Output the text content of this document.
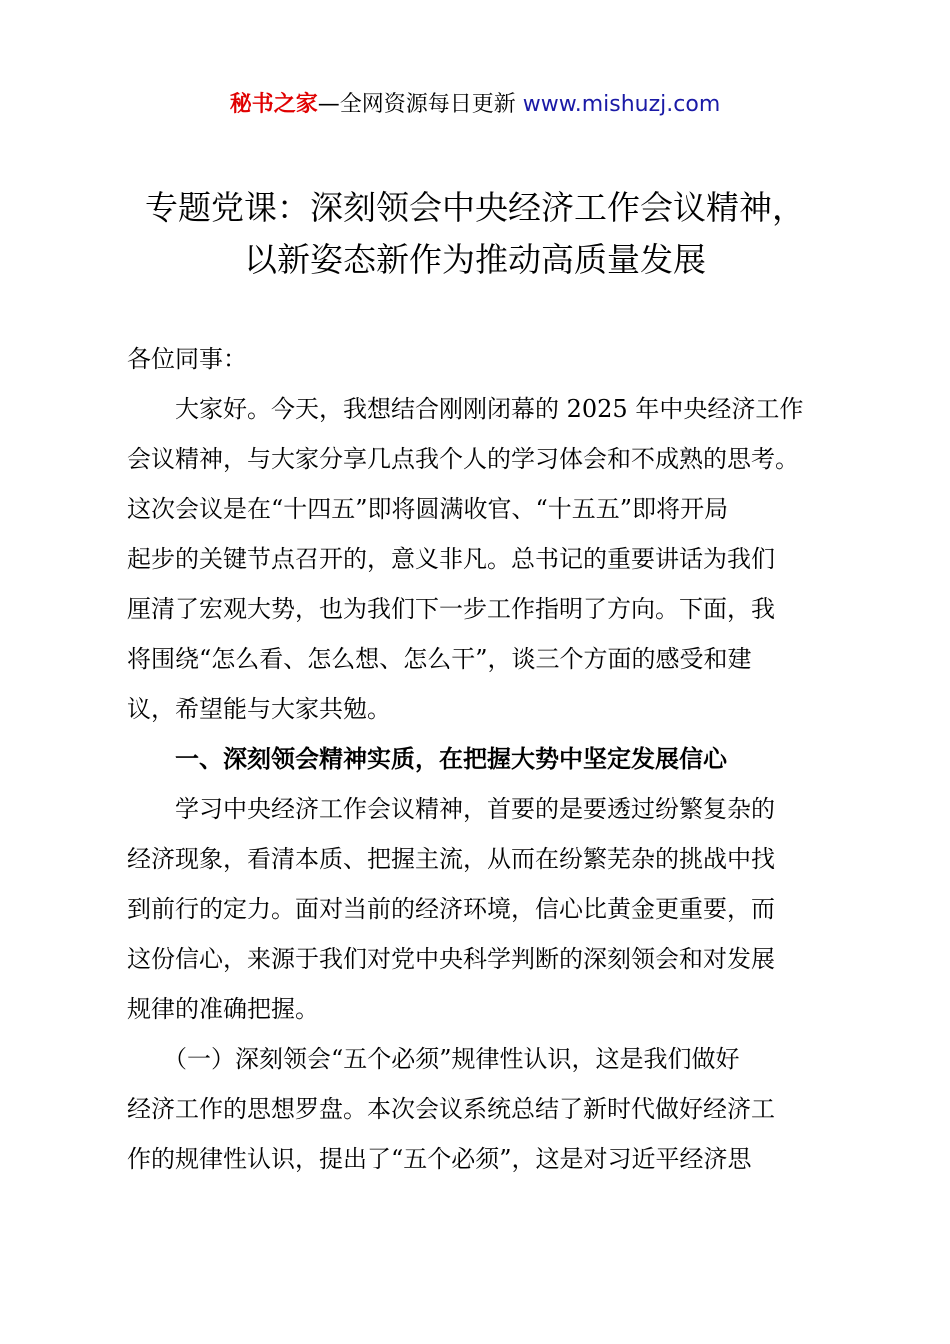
秘书之家—全网资源每日更新 www.mishuzj.com
专题党课：深刻领会中央经济工作会议精神，
以新姿态新作为推动高质量发展
各位同事：
　　大家好。今天，我想结合刚刚闭幕的 2025 年中央经济工作
会议精神，与大家分享几点我个人的学习体会和不成熟的思考。
这次会议是在“十四五”即将圆满收官、“十五五”即将开局
起步的关键节点召开的，意义非凡。总书记的重要讲话为我们
厘清了宏观大势，也为我们下一步工作指明了方向。下面，我
将围绕“怎么看、怎么想、怎么干”，谈三个方面的感受和建
议，希望能与大家共勉。
　　一、深刻领会精神实质，在把握大势中坚定发展信心
　　学习中央经济工作会议精神，首要的是要透过纷繁复杂的
经济现象，看清本质、把握主流，从而在纷繁芜杂的挑战中找
到前行的定力。面对当前的经济环境，信心比黄金更重要，而
这份信心，来源于我们对党中央科学判断的深刻领会和对发展
规律的准确把握。
　　（一）深刻领会“五个必须”规律性认识，这是我们做好
经济工作的思想罗盘。本次会议系统总结了新时代做好经济工
作的规律性认识，提出了“五个必须”，这是对习近平经济思
